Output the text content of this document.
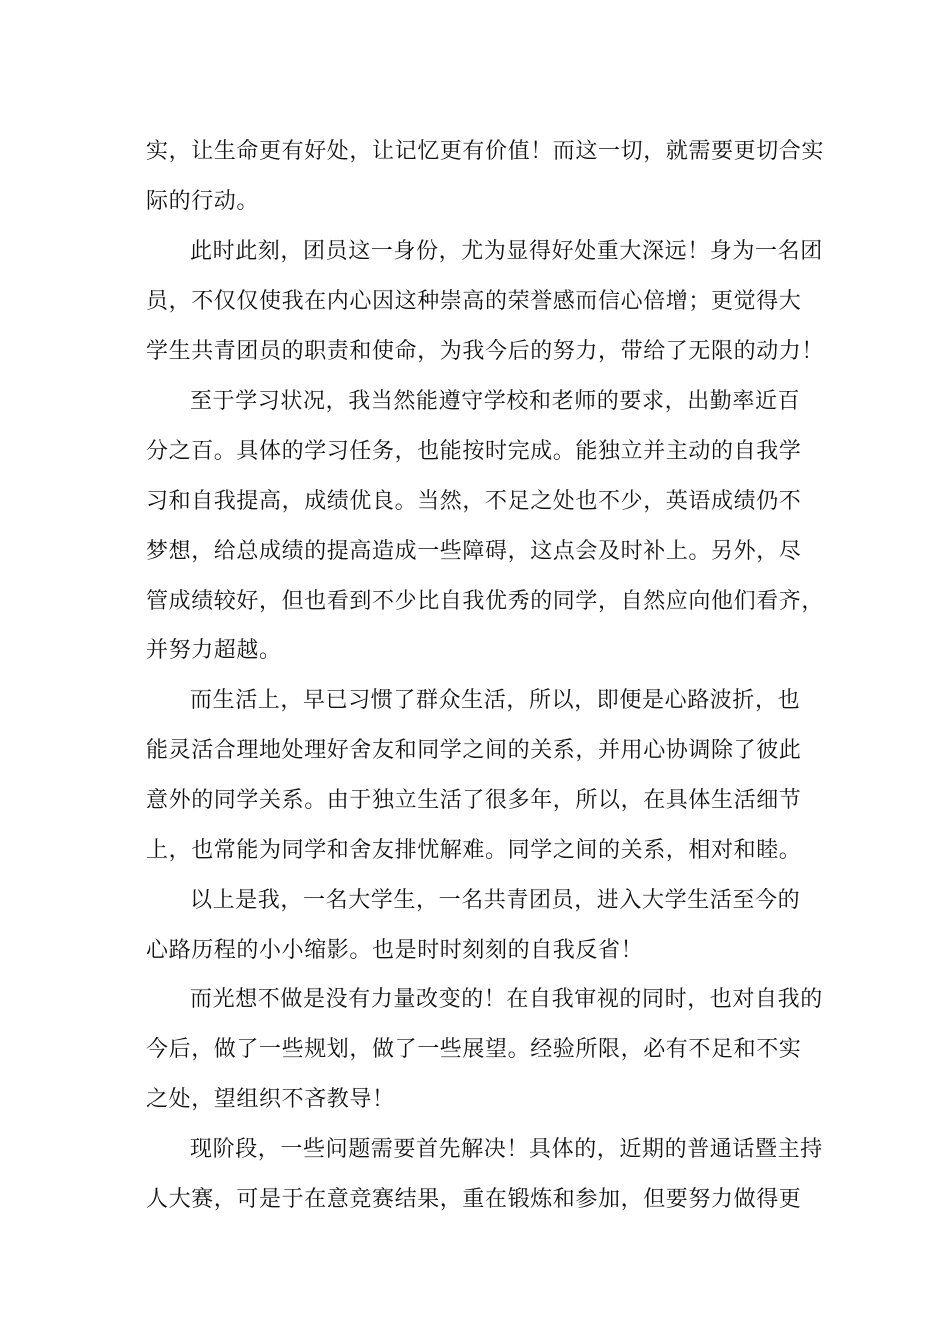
实，让生命更有好处，让记忆更有价值！而这一切，就需要更切合实
际的行动。
此时此刻，团员这一身份，尤为显得好处重大深远！身为一名团
员，不仅仅使我在内心因这种崇高的荣誉感而信心倍增；更觉得大
学生共青团员的职责和使命，为我今后的努力，带给了无限的动力！
至于学习状况，我当然能遵守学校和老师的要求，出勤率近百
分之百。具体的学习任务，也能按时完成。能独立并主动的自我学
习和自我提高，成绩优良。当然，不足之处也不少，英语成绩仍不
梦想，给总成绩的提高造成一些障碍，这点会及时补上。另外，尽
管成绩较好，但也看到不少比自我优秀的同学，自然应向他们看齐，
并努力超越。
而生活上，早已习惯了群众生活，所以，即便是心路波折，也
能灵活合理地处理好舍友和同学之间的关系，并用心协调除了彼此
意外的同学关系。由于独立生活了很多年，所以，在具体生活细节
上，也常能为同学和舍友排忧解难。同学之间的关系，相对和睦。
以上是我，一名大学生，一名共青团员，进入大学生活至今的
心路历程的小小缩影。也是时时刻刻的自我反省！
而光想不做是没有力量改变的！在自我审视的同时，也对自我的
今后，做了一些规划，做了一些展望。经验所限，必有不足和不实
之处，望组织不吝教导！
现阶段，一些问题需要首先解决！具体的，近期的普通话暨主持
人大赛，可是于在意竞赛结果，重在锻炼和参加，但要努力做得更
